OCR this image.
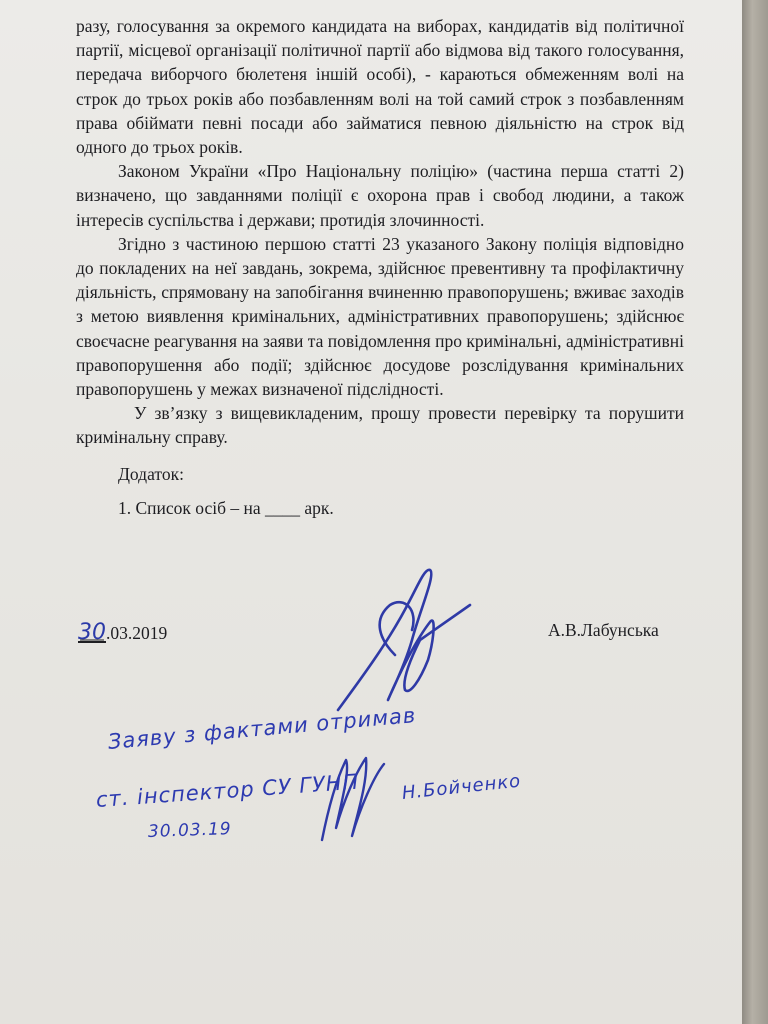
разу, голосування за окремого кандидата на виборах, кандидатів від політичної партії, місцевої організації політичної партії або відмова від такого голосування, передача виборчого бюлетеня іншій особі), - караються обмеженням волі на строк до трьох років або позбавленням волі на той самий строк з позбавленням права обіймати певні посади або займатися певною діяльністю на строк від одного до трьох років.

Законом України «Про Національну поліцію» (частина перша статті 2) визначено, що завданнями поліції є охорона прав і свобод людини, а також інтересів суспільства і держави; протидія злочинності.

Згідно з частиною першою статті 23 указаного Закону поліція відповідно до покладених на неї завдань, зокрема, здійснює превентивну та профілактичну діяльність, спрямовану на запобігання вчиненню правопорушень; вживає заходів з метою виявлення кримінальних, адміністративних правопорушень; здійснює своєчасне реагування на заяви та повідомлення про кримінальні, адміністративні правопорушення або події; здійснює досудове розслідування кримінальних правопорушень у межах визначеної підслідності.

У зв’язку з вищевикладеним, прошу провести перевірку та порушити кримінальну справу.

Додаток:

1. Список осіб – на ____ арк.

30.03.2019	А.В.Лабунська
Заяву з фактами отримав
ст. інспектор СУ ГУНП
30.03.19
Н.Бойченко
